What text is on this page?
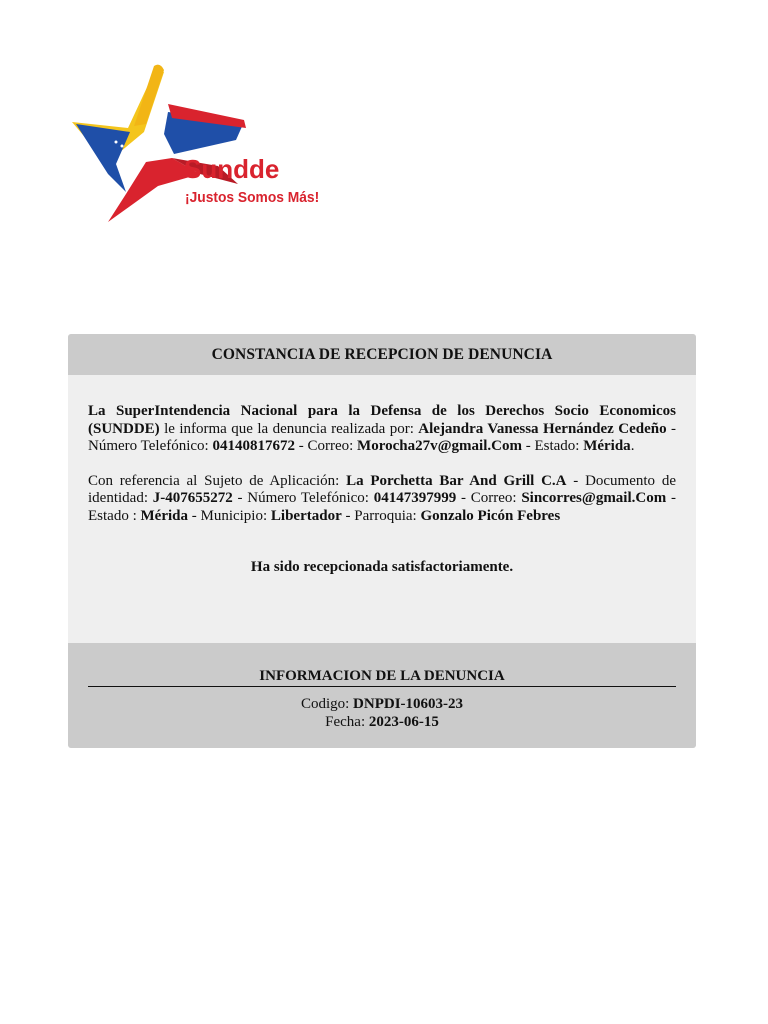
Sundde
¡Justos Somos Más!
CONSTANCIA DE RECEPCION DE DENUNCIA

La SuperIntendencia Nacional para la Defensa de los Derechos Socio Economicos (SUNDDE) le informa que la denuncia realizada por: Alejandra Vanessa Hernández Cedeño - Número Telefónico: 04140817672 - Correo: Morocha27v@gmail.Com - Estado: Mérida.

Con referencia al Sujeto de Aplicación: La Porchetta Bar And Grill C.A - Documento de identidad: J-407655272 - Número Telefónico: 04147397999 - Correo: Sincorres@gmail.Com -Estado : Mérida - Municipio: Libertador - Parroquia: Gonzalo Picón Febres

Ha sido recepcionada satisfactoriamente.
INFORMACION DE LA DENUNCIA
Codigo: DNPDI-10603-23
Fecha: 2023-06-15
